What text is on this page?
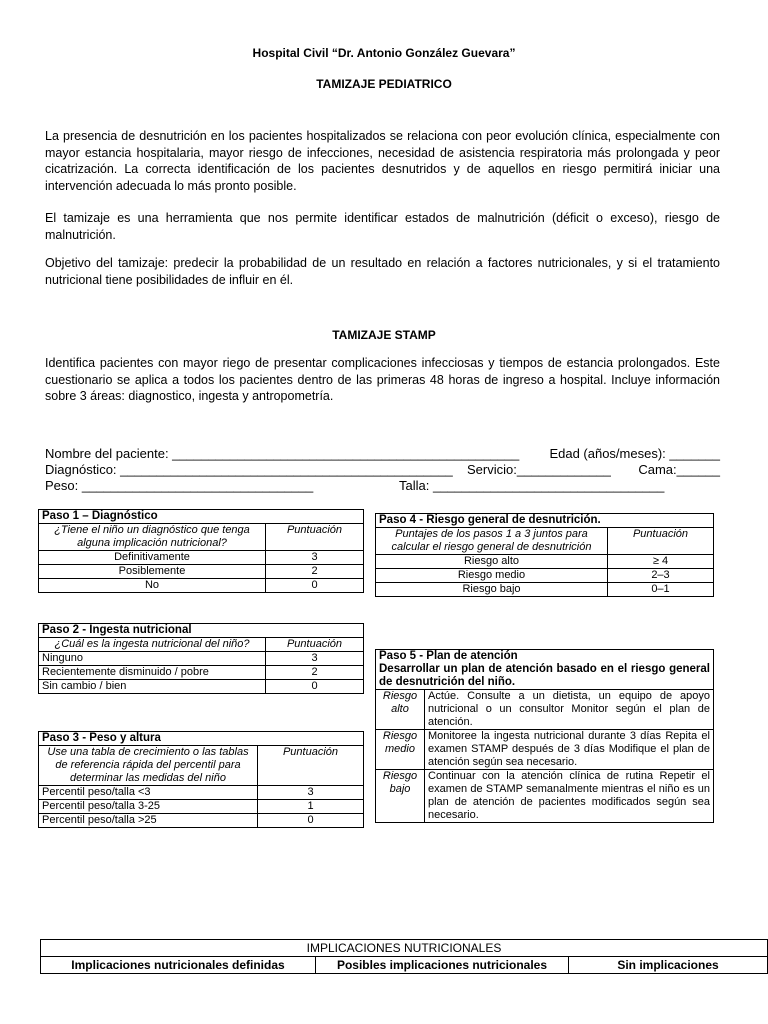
Hospital Civil “Dr. Antonio González Guevara”
TAMIZAJE PEDIATRICO
La presencia de desnutrición en los pacientes hospitalizados se relaciona con peor evolución clínica, especialmente con mayor estancia hospitalaria, mayor riesgo de infecciones, necesidad de asistencia respiratoria más prolongada y peor cicatrización. La correcta identificación de los pacientes desnutridos y de aquellos en riesgo permitirá iniciar una intervención adecuada lo más pronto posible.
El tamizaje es una herramienta que nos permite identificar estados de malnutrición (déficit o exceso), riesgo de malnutrición.
Objetivo del tamizaje: predecir la probabilidad de un resultado en relación a factores nutricionales, y si el tratamiento nutricional tiene posibilidades de influir en él.
TAMIZAJE STAMP
Identifica pacientes con mayor riego de presentar complicaciones infecciosas y tiempos de estancia prolongados. Este cuestionario se aplica a todos los pacientes dentro de las primeras 48 horas de ingreso a hospital. Incluye información sobre 3 áreas: diagnostico, ingesta y antropometría.
Nombre del paciente: ________________________________________________ Edad (años/meses): _______
Diagnóstico: ______________________________________________ Servicio:_____________ Cama:______
Peso: ________________________________	Talla: ________________________________
Paso 1 – Diagnóstico	
¿Tiene el niño un diagnóstico que tenga alguna implicación nutricional?	Puntuación
Definitivamente	3
Posiblemente	2
No	0
Paso 2 - Ingesta nutricional	
¿Cuál es la ingesta nutricional del niño?	Puntuación
Ninguno	3
Recientemente disminuido / pobre	2
Sin cambio / bien	0
Paso 3 - Peso y altura	
Use una tabla de crecimiento o las tablas de referencia rápida del percentil para determinar las medidas del niño	Puntuación
Percentil peso/talla <3	3
Percentil peso/talla 3-25	1
Percentil peso/talla >25	0
Paso 4 - Riesgo general de desnutrición.	
Puntajes de los pasos 1 a 3 juntos para calcular el riesgo general de desnutrición	Puntuación
Riesgo alto	≥ 4
Riesgo medio	2–3
Riesgo bajo	0–1
Paso 5 - Plan de atención
Desarrollar un plan de atención basado en el riesgo general de desnutrición del niño.	

Riesgo alto	Actúe. Consulte a un dietista, un equipo de apoyo nutricional o un consultor Monitor según el plan de atención.
Riesgo medio	Monitoree la ingesta nutricional durante 3 días Repita el examen STAMP después de 3 días Modifique el plan de atención según sea necesario.
Riesgo bajo	Continuar con la atención clínica de rutina Repetir el examen de STAMP semanalmente mientras el niño es un plan de atención de pacientes modificados según sea necesario.
IMPLICACIONES NUTRICIONALES
Implicaciones nutricionales definidas	Posibles implicaciones nutricionales	Sin implicaciones
